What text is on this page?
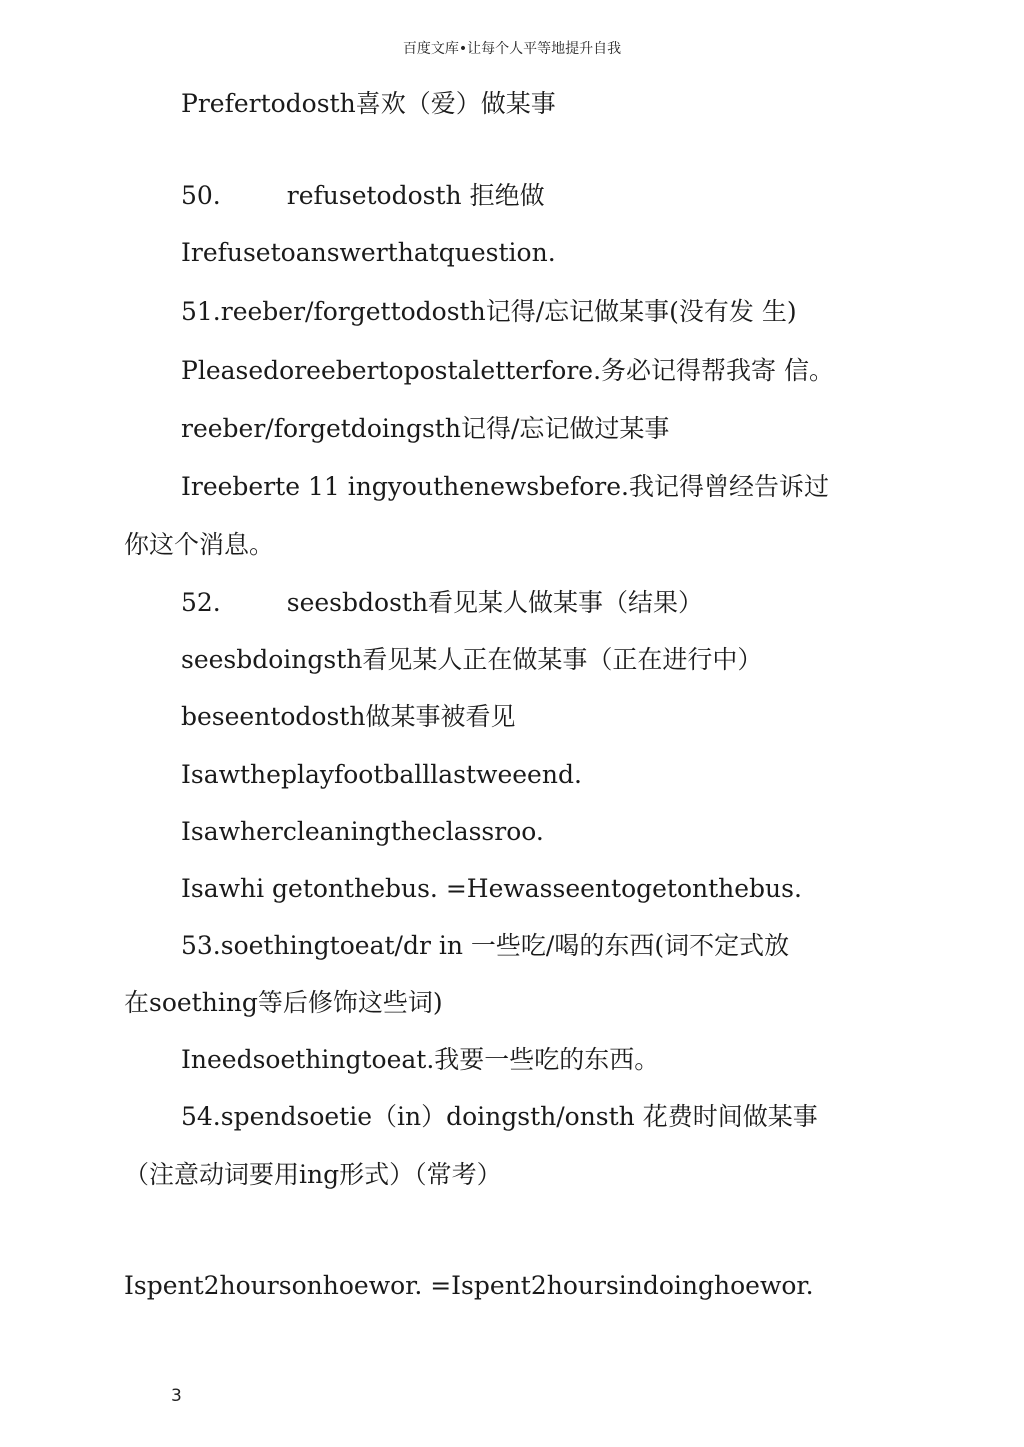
百度文库•让每个人平等地提升自我
Prefertodosth喜欢（爱）做某事
50.	refusetodosth 拒绝做
Irefusetoanswerthatquestion.
51.reeber/forgettodosth记得/忘记做某事(没有发 生)
Pleasedoreebertopostaletterfore.务必记得帮我寄 信。
reeber/forgetdoingsth记得/忘记做过某事
Ireeberte 11 ingyouthenewsbefore.我记得曾经告诉过
你这个消息。
52.	seesbdosth看见某人做某事（结果）
seesbdoingsth看见某人正在做某事（正在进行中）
beseentodosth做某事被看见
Isawtheplayfootballlastweeend.
Isawhercleaningtheclassroo.
Isawhi getonthebus. =Hewasseentogetonthebus.
53.soethingtoeat/dr in 一些吃/喝的东西(词不定式放
在soething等后修饰这些词)
Ineedsoethingtoeat.我要一些吃的东西。
54.spendsoetie（in）doingsth/onsth 花费时间做某事
（注意动词要用ing形式）（常考）
Ispent2hoursonhoewor. =Ispent2hoursindoinghoewor.
3
